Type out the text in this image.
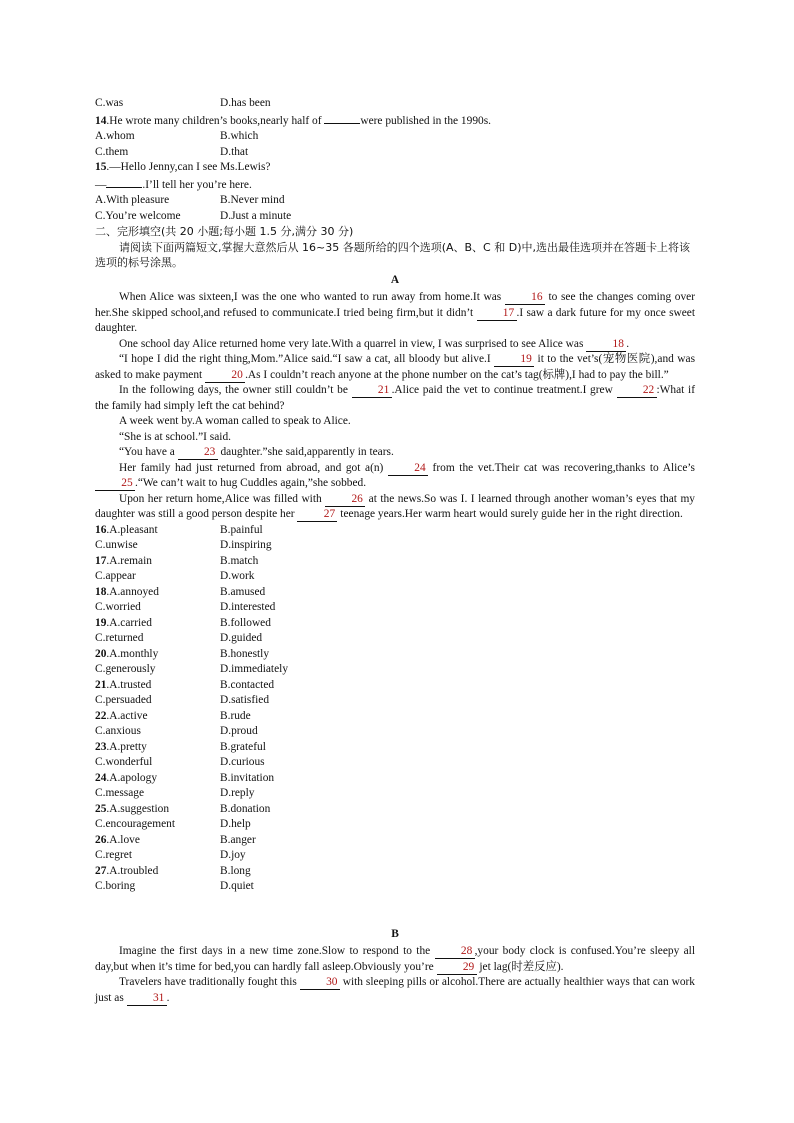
C.was	D.has been
14.He wrote many children’s books,nearly half of	were published in the 1990s.
A.whom	B.which
C.them	D.that
15.—Hello Jenny,can I see Ms.Lewis?
—	.I’ll tell her you’re here.
A.With pleasure	B.Never mind
C.You’re welcome	D.Just a minute
二、完形填空(共 20 小题;每小题 1.5 分,满分 30 分)
请阅读下面两篇短文,掌握大意然后从 16~35 各题所给的四个选项(A、B、C 和 D)中,选出最佳选项并在答题卡上将该选项的标号涂黑。
A
When Alice was sixteen,I was the one who wanted to run away from home.It was 16 to see the changes coming over her.She skipped school,and refused to communicate.I tried being firm,but it didn’t 17 .I saw a dark future for my once sweet daughter.
One school day Alice returned home very late.With a quarrel in view, I was surprised to see Alice was 18 .
“I hope I did the right thing,Mom.”Alice said.“I saw a cat, all bloody but alive.I 19 it to the vet’s(宠物医院),and was asked to make payment 20 .As I couldn’t reach anyone at the phone number on the cat’s tag(标牌),I had to pay the bill.”
In the following days, the owner still couldn’t be 21 .Alice paid the vet to continue treatment.I grew 22 :What if the family had simply left the cat behind?
A week went by.A woman called to speak to Alice.
“She is at school.”I said.
“You have a 23 daughter.”she said,apparently in tears.
Her family had just returned from abroad, and got a(n) 24 from the vet.Their cat was recovering,thanks to Alice’s 25 .“We can’t wait to hug Cuddles again,”she sobbed.
Upon her return home,Alice was filled with 26 at the news.So was I. I learned through another woman’s eyes that my daughter was still a good person despite her 27 teenage years.Her warm heart would surely guide her in the right direction.
16.A.pleasant	B.painful
C.unwise	D.inspiring
17.A.remain	B.match
C.appear	D.work
18.A.annoyed	B.amused
C.worried	D.interested
19.A.carried	B.followed
C.returned	D.guided
20.A.monthly	B.honestly
C.generously	D.immediately
21.A.trusted	B.contacted
C.persuaded	D.satisfied
22.A.active	B.rude
C.anxious	D.proud
23.A.pretty	B.grateful
C.wonderful	D.curious
24.A.apology	B.invitation
C.message	D.reply
25.A.suggestion	B.donation
C.encouragement	D.help
26.A.love	B.anger
C.regret	D.joy
27.A.troubled	B.long
C.boring	D.quiet
B
Imagine the first days in a new time zone.Slow to respond to the 28 ,your body clock is confused.You’re sleepy all day,but when it’s time for bed,you can hardly fall asleep.Obviously you’re 29 jet lag(时差反应).
Travelers have traditionally fought this 30 with sleeping pills or alcohol.There are actually healthier ways that can work just as 31 .
